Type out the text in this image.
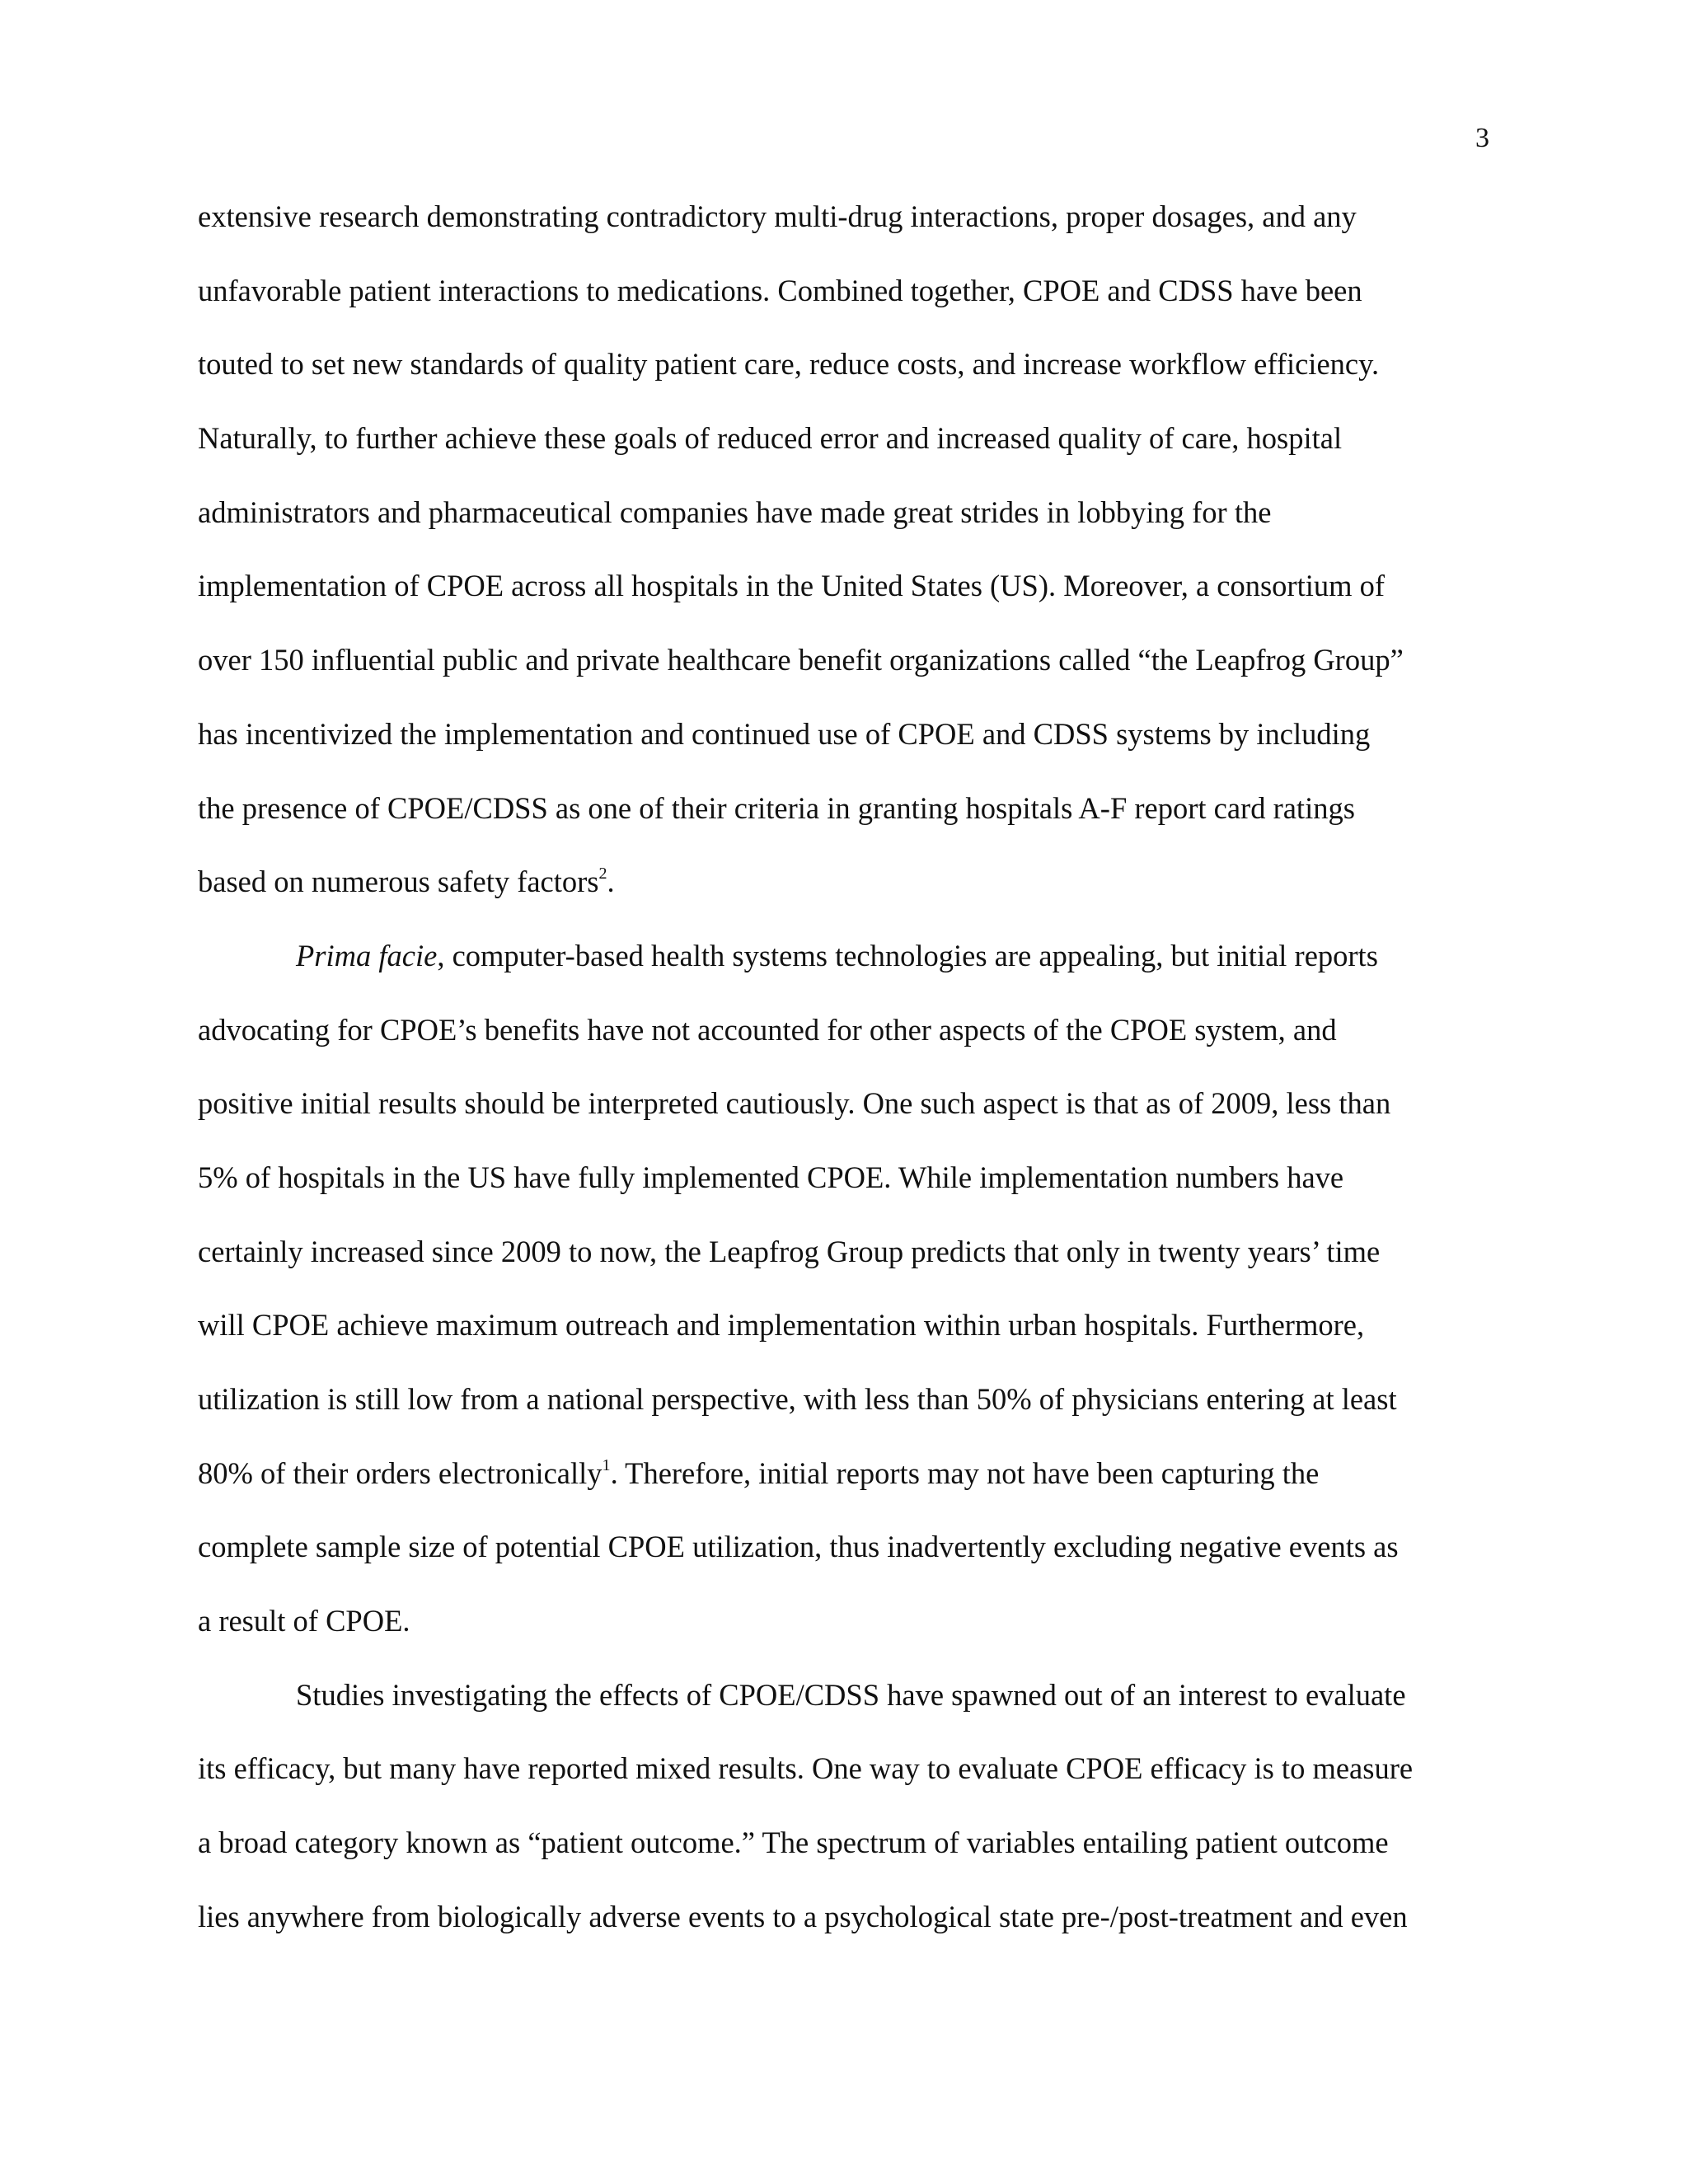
3
extensive research demonstrating contradictory multi-drug interactions, proper dosages, and any
unfavorable patient interactions to medications. Combined together, CPOE and CDSS have been
touted to set new standards of quality patient care, reduce costs, and increase workflow efficiency.
Naturally, to further achieve these goals of reduced error and increased quality of care, hospital
administrators and pharmaceutical companies have made great strides in lobbying for the
implementation of CPOE across all hospitals in the United States (US). Moreover, a consortium of
over 150 influential public and private healthcare benefit organizations called “the Leapfrog Group”
has incentivized the implementation and continued use of CPOE and CDSS systems by including
the presence of CPOE/CDSS as one of their criteria in granting hospitals A-F report card ratings
based on numerous safety factors$^2$.
Prima facie, computer-based health systems technologies are appealing, but initial reports
advocating for CPOE’s benefits have not accounted for other aspects of the CPOE system, and
positive initial results should be interpreted cautiously. One such aspect is that as of 2009, less than
5% of hospitals in the US have fully implemented CPOE. While implementation numbers have
certainly increased since 2009 to now, the Leapfrog Group predicts that only in twenty years’ time
will CPOE achieve maximum outreach and implementation within urban hospitals. Furthermore,
utilization is still low from a national perspective, with less than 50% of physicians entering at least
80% of their orders electronically$^1$. Therefore, initial reports may not have been capturing the
complete sample size of potential CPOE utilization, thus inadvertently excluding negative events as
a result of CPOE.
Studies investigating the effects of CPOE/CDSS have spawned out of an interest to evaluate
its efficacy, but many have reported mixed results. One way to evaluate CPOE efficacy is to measure
a broad category known as “patient outcome.” The spectrum of variables entailing patient outcome
lies anywhere from biologically adverse events to a psychological state pre-/post-treatment and even
